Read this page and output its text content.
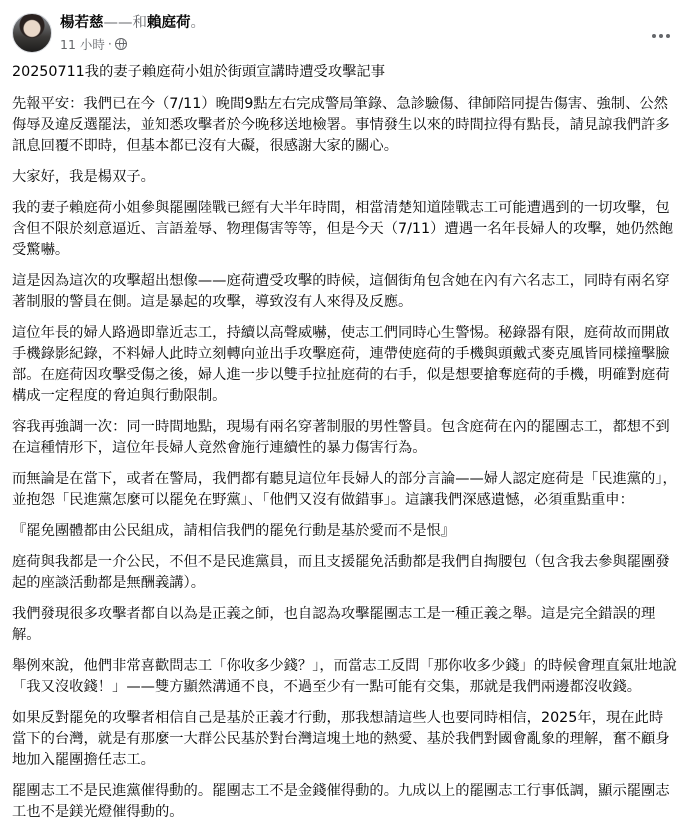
楊若慈——和賴庭荷。
11 小時 ·
20250711我的妻子賴庭荷小姐於街頭宣講時遭受攻擊記事
先報平安：我們已在今（7/11）晚間9點左右完成警局筆錄、急診驗傷、律師陪同提告傷害、強制、公然侮辱及違反選罷法，並知悉攻擊者於今晚移送地檢署。事情發生以來的時間拉得有點長，請見諒我們許多訊息回覆不即時，但基本都已沒有大礙，很感謝大家的關心。
大家好，我是楊双子。
我的妻子賴庭荷小姐參與罷團陸戰已經有大半年時間，相當清楚知道陸戰志工可能遭遇到的一切攻擊，包含但不限於刻意逼近、言語羞辱、物理傷害等等，但是今天（7/11）遭遇一名年長婦人的攻擊，她仍然飽受驚嚇。
這是因為這次的攻擊超出想像——庭荷遭受攻擊的時候，這個街角包含她在內有六名志工，同時有兩名穿著制服的警員在側。這是暴起的攻擊，導致沒有人來得及反應。
這位年長的婦人路過即靠近志工，持續以高聲威嚇，使志工們同時心生警惕。秘錄器有限，庭荷故而開啟手機錄影紀錄，不料婦人此時立刻轉向並出手攻擊庭荷，連帶使庭荷的手機與頭戴式麥克風皆同樣撞擊臉部。在庭荷因攻擊受傷之後，婦人進一步以雙手拉扯庭荷的右手，似是想要搶奪庭荷的手機，明確對庭荷構成一定程度的脅迫與行動限制。
容我再強調一次：同一時間地點，現場有兩名穿著制服的男性警員。包含庭荷在內的罷團志工，都想不到在這種情形下，這位年長婦人竟然會施行連續性的暴力傷害行為。
而無論是在當下，或者在警局，我們都有聽見這位年長婦人的部分言論——婦人認定庭荷是「民進黨的」，並抱怨「民進黨怎麼可以罷免在野黨」、「他們又沒有做錯事」。這讓我們深感遺憾，必須重點重申：
『罷免團體都由公民組成，請相信我們的罷免行動是基於愛而不是恨』
庭荷與我都是一介公民，不但不是民進黨員，而且支援罷免活動都是我們自掏腰包（包含我去參與罷團發起的座談活動都是無酬義講）。
我們發現很多攻擊者都自以為是正義之師，也自認為攻擊罷團志工是一種正義之舉。這是完全錯誤的理解。
舉例來說，他們非常喜歡問志工「你收多少錢？」，而當志工反問「那你收多少錢」的時候會理直氣壯地說「我又沒收錢！」——雙方顯然溝通不良，不過至少有一點可能有交集，那就是我們兩邊都沒收錢。
如果反對罷免的攻擊者相信自己是基於正義才行動，那我想請這些人也要同時相信，2025年，現在此時當下的台灣，就是有那麼一大群公民基於對台灣這塊土地的熱愛、基於我們對國會亂象的理解，奮不顧身地加入罷團擔任志工。
罷團志工不是民進黨催得動的。罷團志工不是金錢催得動的。九成以上的罷團志工行事低調，顯示罷團志工也不是鎂光燈催得動的。
